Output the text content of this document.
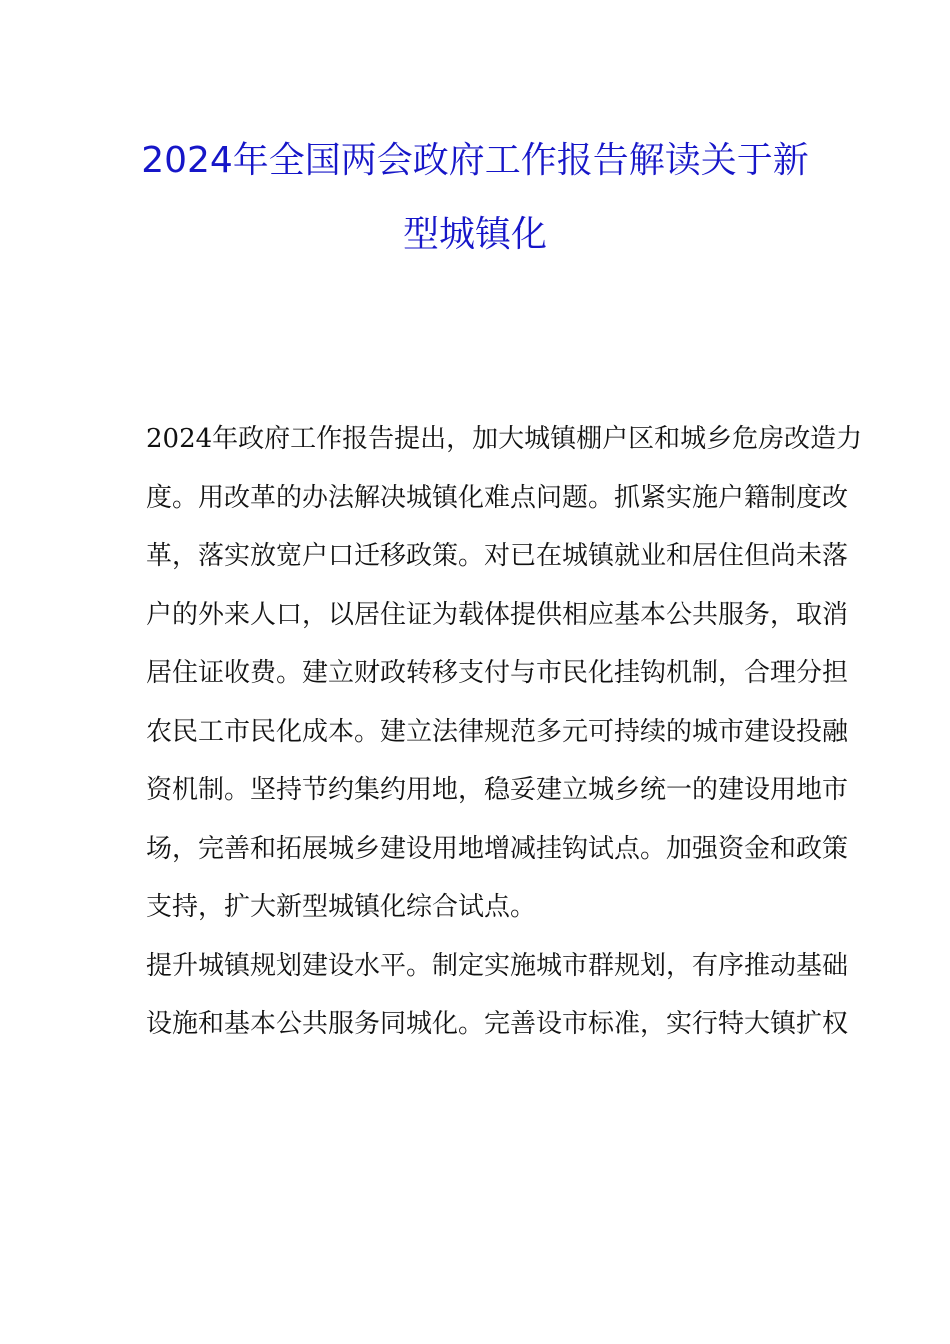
2024年全国两会政府工作报告解读关于新
型城镇化
2024年政府工作报告提出，加大城镇棚户区和城乡危房改造力
度。用改革的办法解决城镇化难点问题。抓紧实施户籍制度改
革，落实放宽户口迁移政策。对已在城镇就业和居住但尚未落
户的外来人口，以居住证为载体提供相应基本公共服务，取消
居住证收费。建立财政转移支付与市民化挂钩机制，合理分担
农民工市民化成本。建立法律规范多元可持续的城市建设投融
资机制。坚持节约集约用地，稳妥建立城乡统一的建设用地市
场，完善和拓展城乡建设用地增减挂钩试点。加强资金和政策
支持，扩大新型城镇化综合试点。
提升城镇规划建设水平。制定实施城市群规划，有序推动基础
设施和基本公共服务同城化。完善设市标准，实行特大镇扩权
